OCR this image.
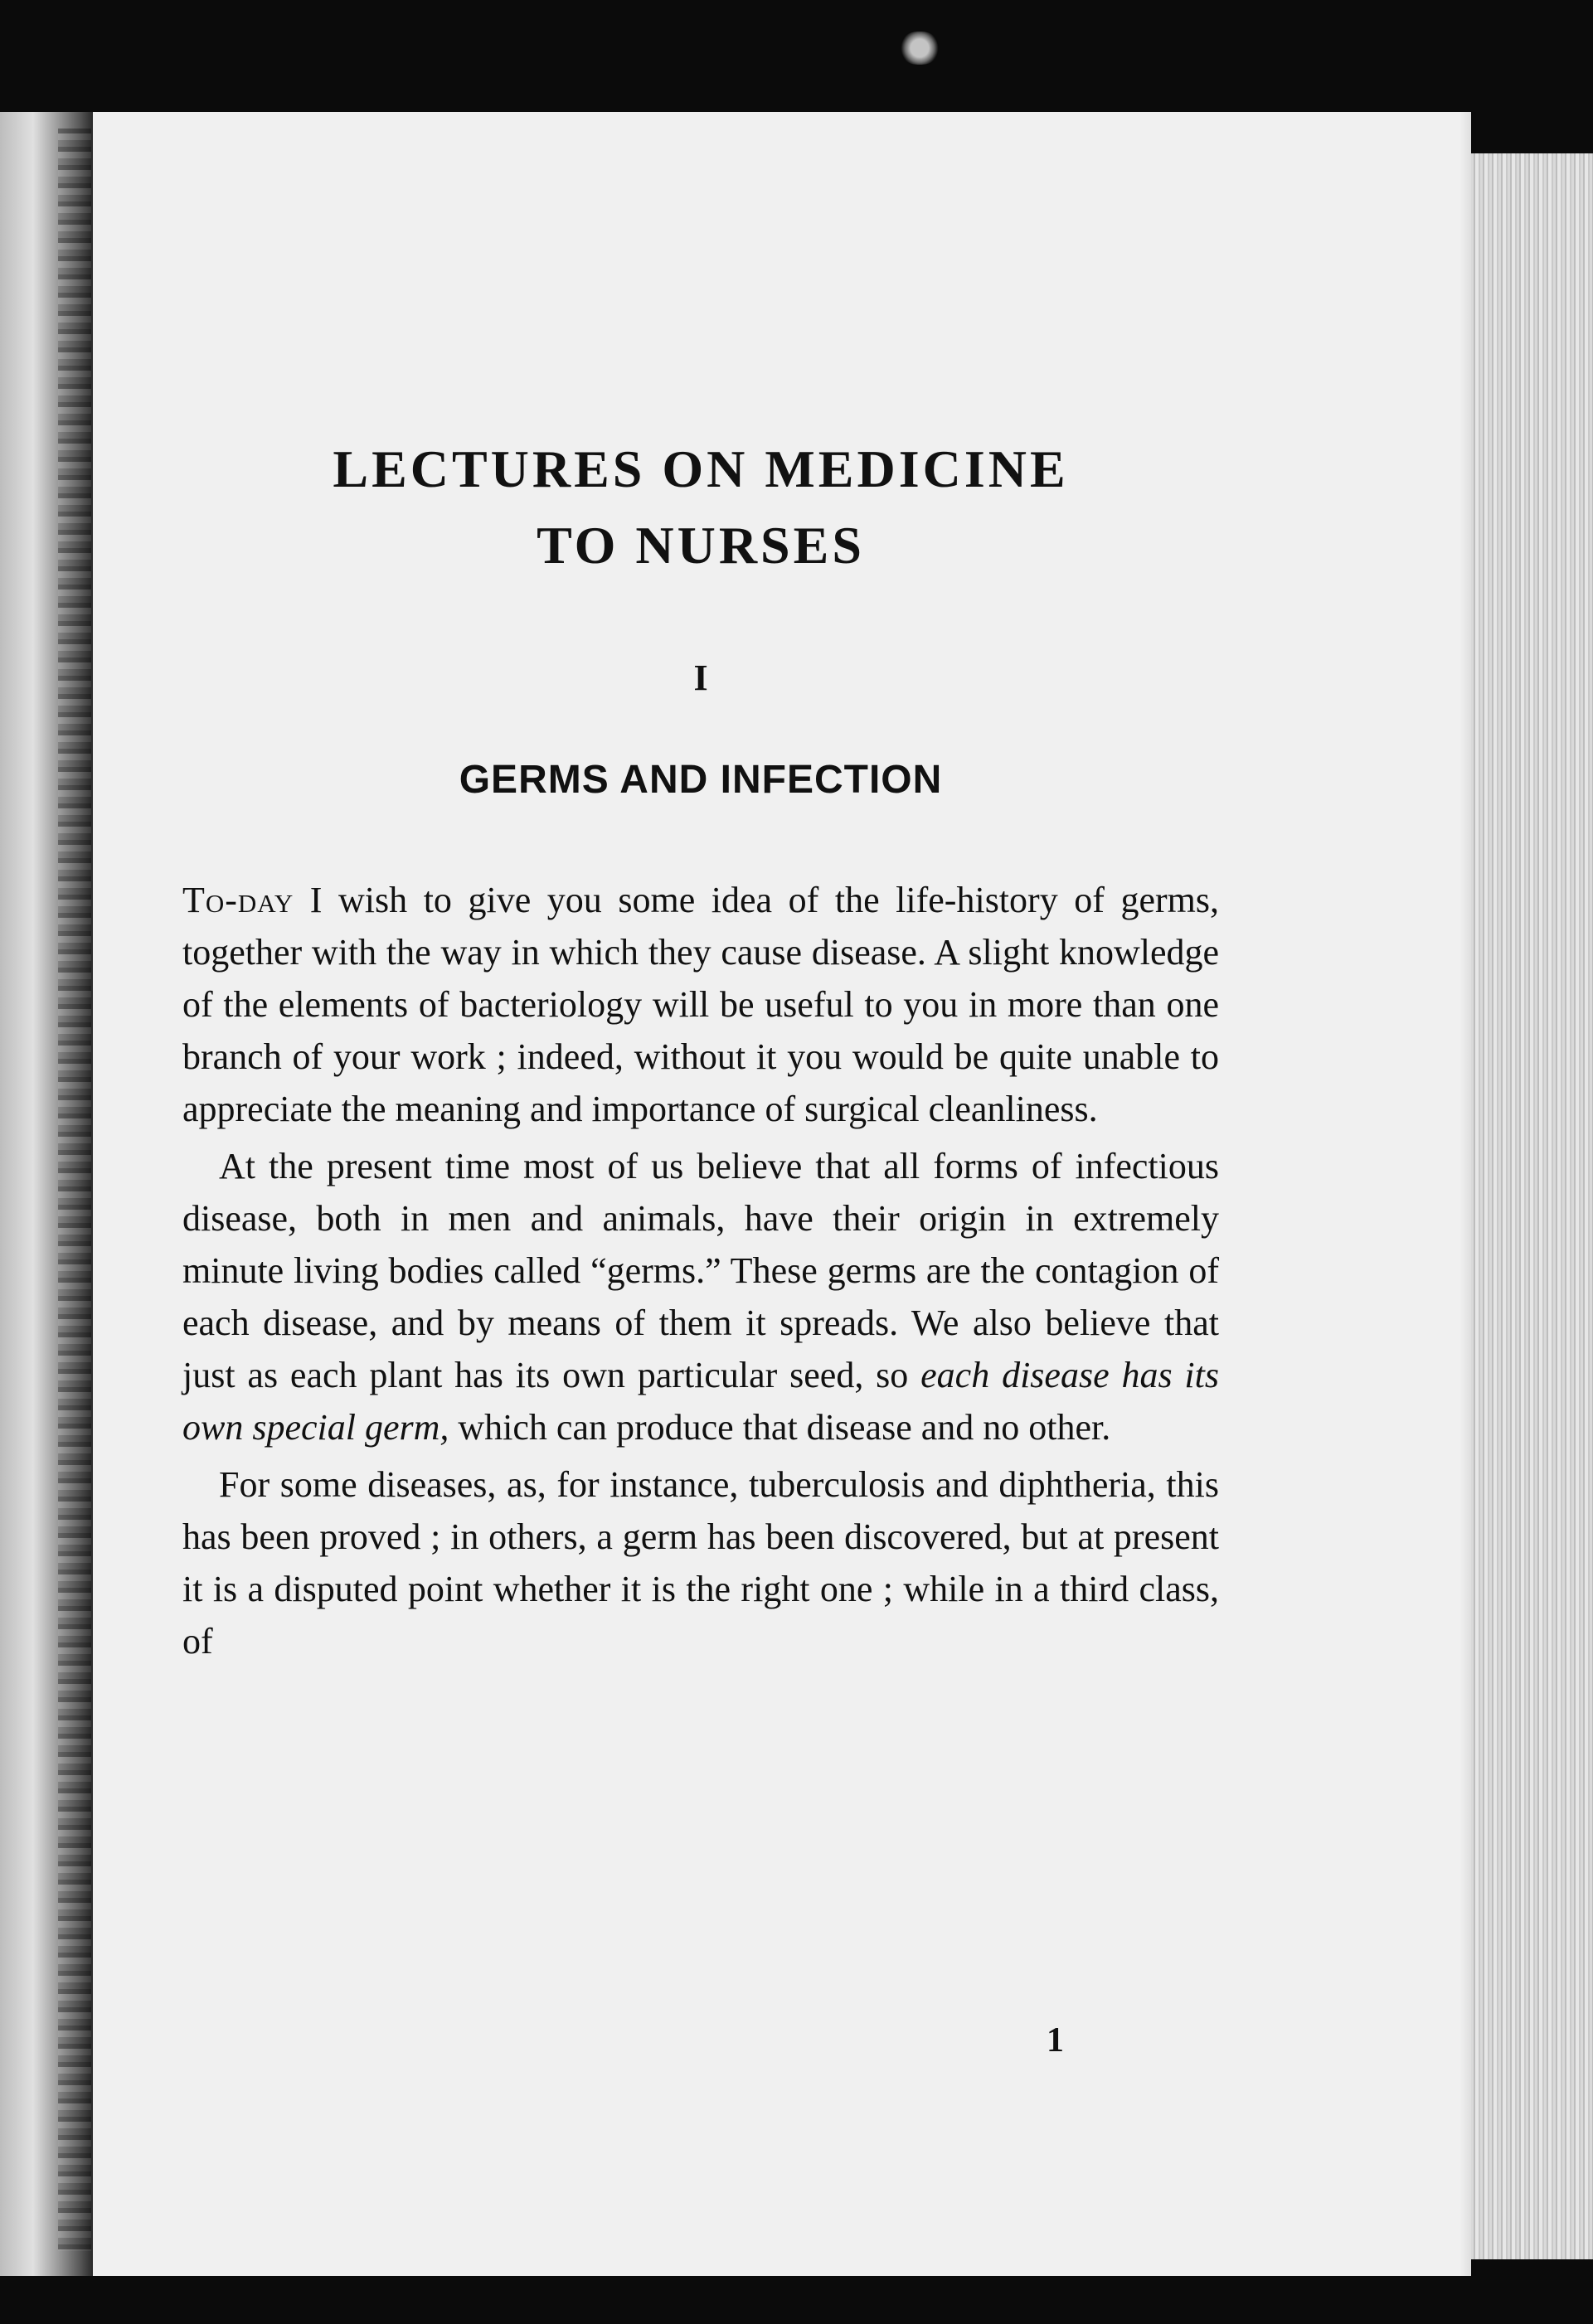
LECTURES ON MEDICINE
TO NURSES
I
GERMS AND INFECTION

To-day I wish to give you some idea of the life-history of germs, together with the way in which they cause disease. A slight knowledge of the elements of bacteriology will be useful to you in more than one branch of your work ; indeed, without it you would be quite unable to appreciate the meaning and importance of surgical cleanliness.

At the present time most of us believe that all forms of infectious disease, both in men and animals, have their origin in extremely minute living bodies called “germs.” These germs are the contagion of each disease, and by means of them it spreads. We also believe that just as each plant has its own particular seed, so each disease has its own special germ, which can produce that disease and no other.

For some diseases, as, for instance, tuberculosis and diphtheria, this has been proved ; in others, a germ has been discovered, but at present it is a disputed point whether it is the right one ; while in a third class, of

1
